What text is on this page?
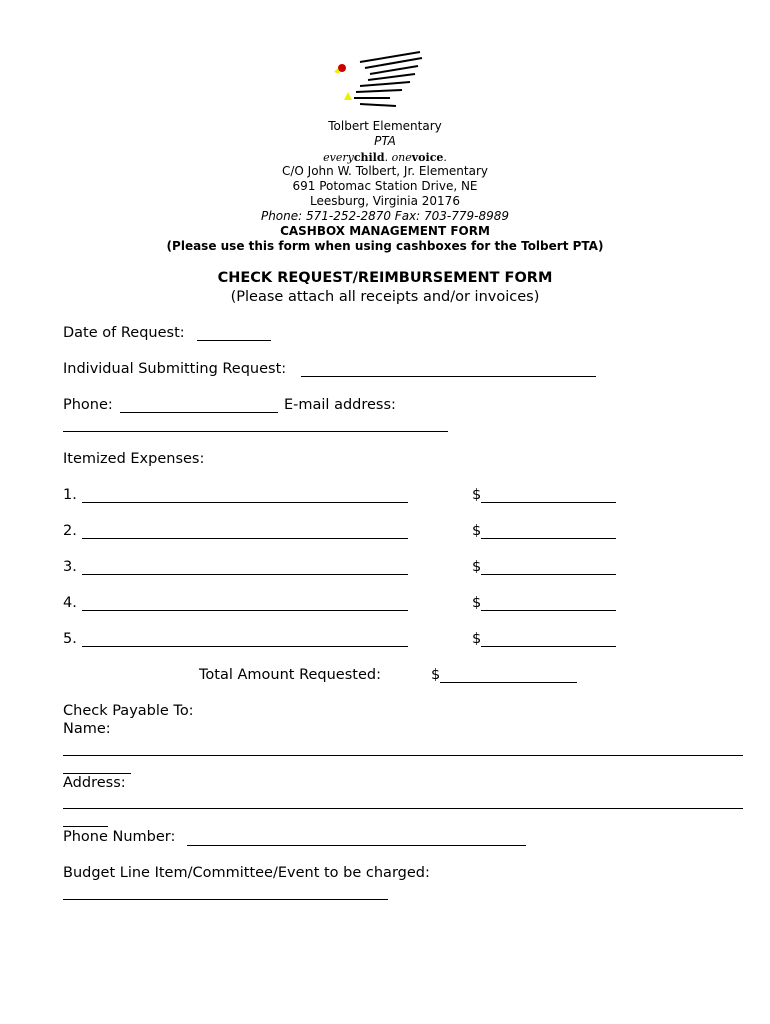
Tolbert Elementary
PTA
everychild. onevoice.
C/O John W. Tolbert, Jr. Elementary
691 Potomac Station Drive, NE
Leesburg, Virginia 20176
Phone: 571-252-2870 Fax: 703-779-8989
CASHBOX MANAGEMENT FORM
(Please use this form when using cashboxes for the Tolbert PTA)
CHECK REQUEST/REIMBURSEMENT FORM
(Please attach all receipts and/or invoices)
Date of Request:
Individual Submitting Request:
Phone:	E-mail address:
Itemized Expenses:
1.	$
2.	$
3.	$
4.	$
5.	$
Total Amount Requested:	$
Check Payable To:
Name:
Address:
Phone Number:
Budget Line Item/Committee/Event to be charged:
